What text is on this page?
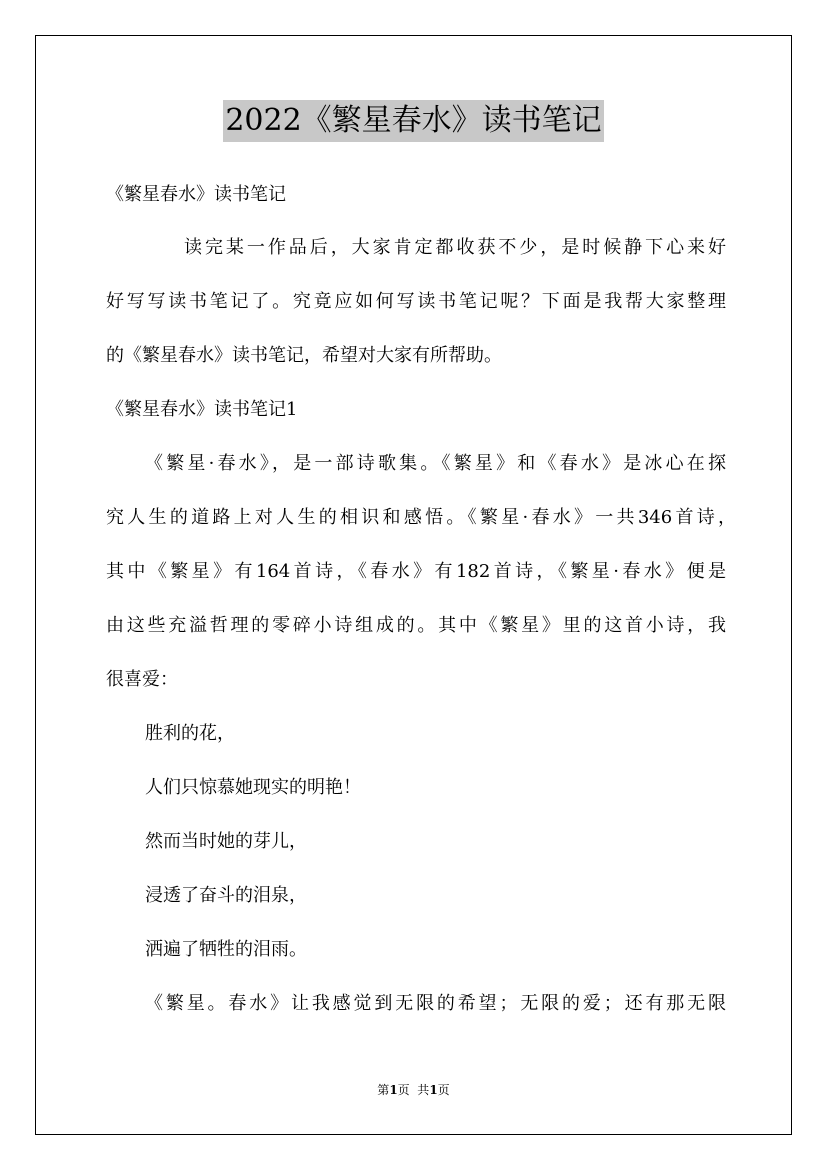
2022《繁星春水》读书笔记
《繁星春水》读书笔记
读完某一作品后，大家肯定都收获不少，是时候静下心来好
好写写读书笔记了。究竟应如何写读书笔记呢？下面是我帮大家整理
的《繁星春水》读书笔记，希望对大家有所帮助。
《繁星春水》读书笔记1
《繁星·春水》，是一部诗歌集。《繁星》和《春水》是冰心在探
究人生的道路上对人生的相识和感悟。《繁星·春水》一共346首诗，
其中《繁星》有164首诗，《春水》有182首诗，《繁星·春水》便是
由这些充溢哲理的零碎小诗组成的。其中《繁星》里的这首小诗，我
很喜爱：
胜利的花，
人们只惊慕她现实的明艳！
然而当时她的芽儿，
浸透了奋斗的泪泉，
洒遍了牺牲的泪雨。
《繁星。春水》让我感觉到无限的希望；无限的爱；还有那无限
第1页  共1页
